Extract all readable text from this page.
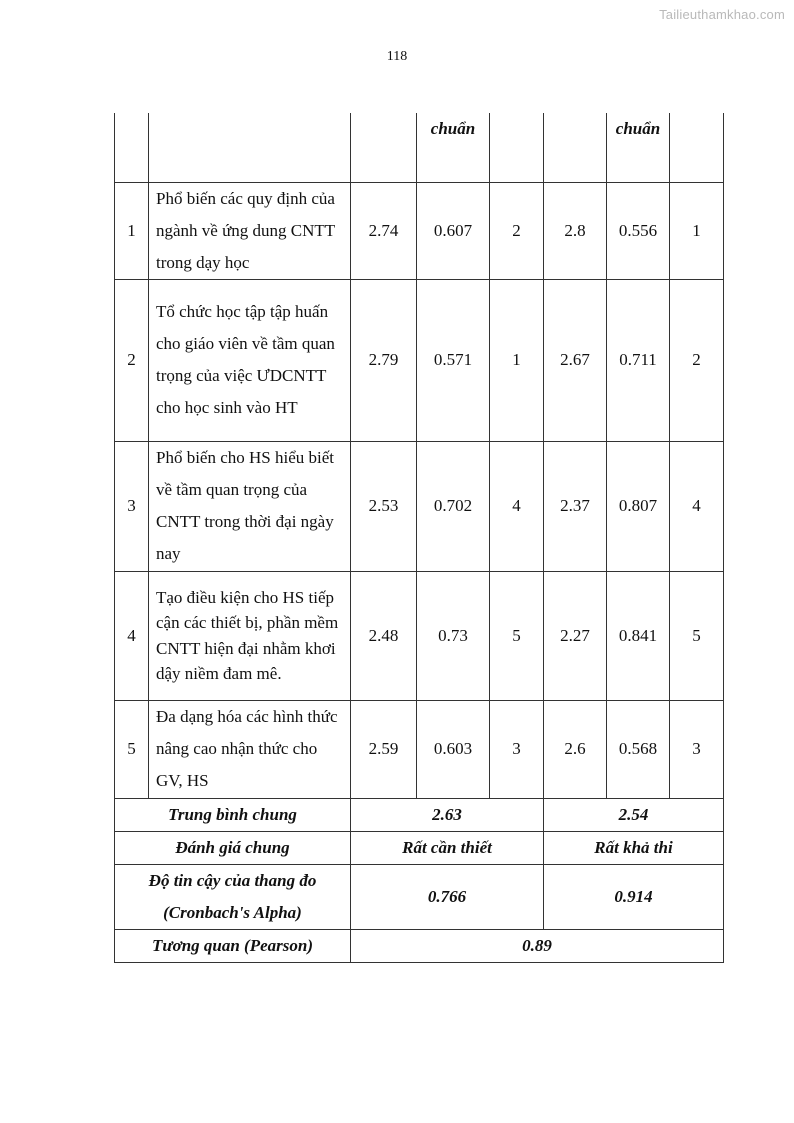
Tailieuthamkhao.com
118
			chuẩn			chuẩn	
1	Phổ biến các quy định của ngành về ứng dung CNTT trong dạy học	2.74	0.607	2	2.8	0.556	1
2	Tổ chức học tập tập huấn cho giáo viên về tầm quan trọng của việc ƯDCNTT cho học sinh vào HT	2.79	0.571	1	2.67	0.711	2
3	Phổ biến cho HS hiểu biết về tầm quan trọng của CNTT trong thời đại ngày nay	2.53	0.702	4	2.37	0.807	4
4	Tạo điều kiện cho HS tiếp cận các thiết bị, phần mềm CNTT hiện đại nhằm khơi dậy niềm đam mê.	2.48	0.73	5	2.27	0.841	5
5	Đa dạng hóa các hình thức nâng cao nhận thức cho GV, HS	2.59	0.603	3	2.6	0.568	3
Trung bình chung		2.63			2.54		
Đánh giá chung		Rất cần thiết			Rất khả thi		
Độ tin cậy của thang đo (Cronbach's Alpha)		0.766			0.914		
Tương quan (Pearson)		0.89					
